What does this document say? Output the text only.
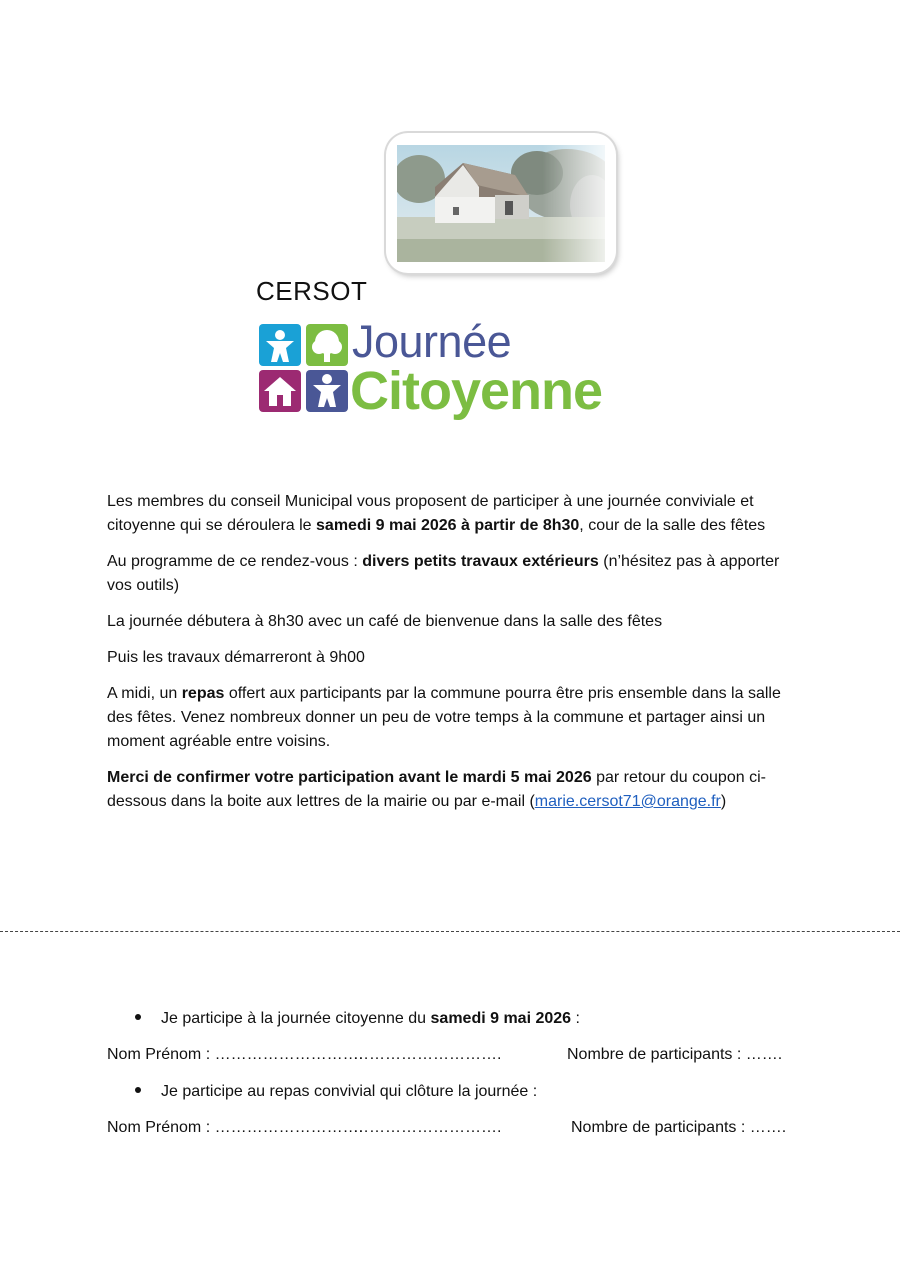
CERSOT
Journée
Citoyenne
Les membres du conseil Municipal vous proposent de participer à une journée conviviale et citoyenne qui se déroulera le samedi 9 mai 2026 à partir de 8h30, cour de la salle des fêtes
Au programme de ce rendez-vous : divers petits travaux extérieurs (n’hésitez pas à apporter vos outils)
La journée débutera à 8h30 avec un café de bienvenue dans la salle des fêtes
Puis les travaux démarreront à 9h00
A midi, un repas offert aux participants par la commune pourra être pris ensemble dans la salle des fêtes. Venez nombreux donner un peu de votre temps à la commune et partager ainsi un moment agréable entre voisins.
Merci de confirmer votre participation avant le mardi 5 mai 2026 par retour du coupon ci-dessous dans la boite aux lettres de la mairie ou par e-mail (marie.cersot71@orange.fr)
Je participe à la journée citoyenne du samedi 9 mai 2026 :
Nom Prénom : ……………………….
……………………….	Nombre de participants : …….
Je participe au repas convivial qui clôture la journée :
Nom Prénom : ……………………….
……………………….	Nombre de participants : …….
